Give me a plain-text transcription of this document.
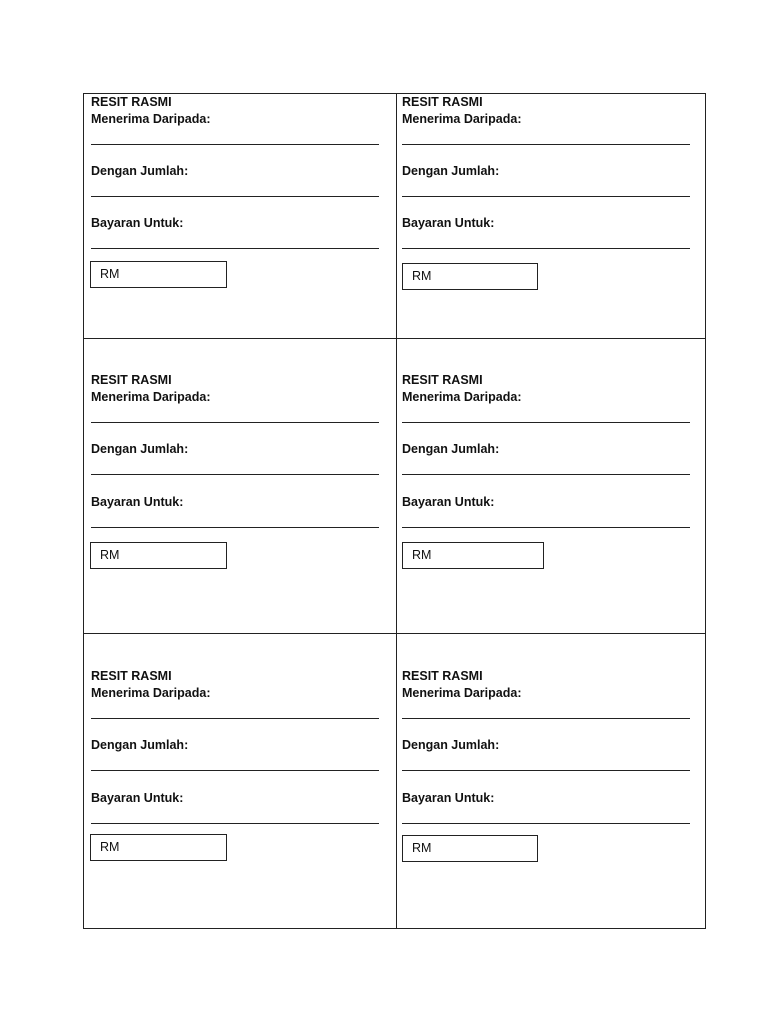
RESIT RASMI
Menerima Daripada:
Dengan Jumlah:
Bayaran Untuk:
RM
RESIT RASMI
Menerima Daripada:
Dengan Jumlah:
Bayaran Untuk:
RM
RESIT RASMI
Menerima Daripada:
Dengan Jumlah:
Bayaran Untuk:
RM
RESIT RASMI
Menerima Daripada:
Dengan Jumlah:
Bayaran Untuk:
RM
RESIT RASMI
Menerima Daripada:
Dengan Jumlah:
Bayaran Untuk:
RM
RESIT RASMI
Menerima Daripada:
Dengan Jumlah:
Bayaran Untuk:
RM
